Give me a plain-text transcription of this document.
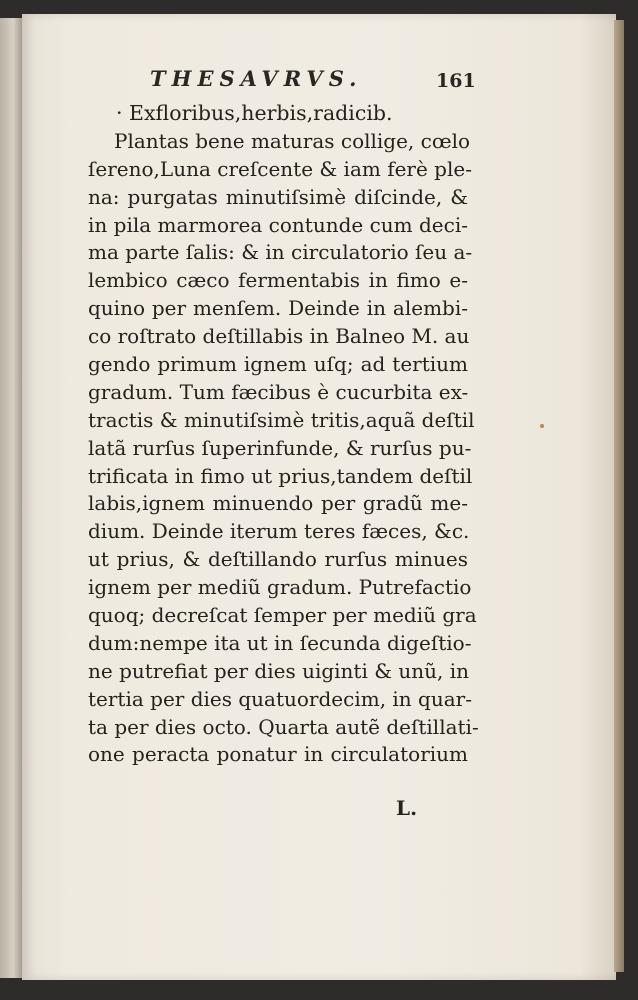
THESAVRVS.	161
· Exfloribus,herbis,radicib.
Plantas bene maturas collige, cœlo
ſereno,Luna creſcente & iam ferè ple-
na: purgatas minutiſsimè diſcinde, &
in pila marmorea contunde cum deci-
ma parte ſalis: & in circulatorio ſeu a-
lembico cæco fermentabis in fimo e-
quino per menſem. Deinde in alembi-
co roſtrato deſtillabis in Balneo M. au
gendo primum ignem uſq; ad tertium
gradum. Tum fæcibus è cucurbita ex-
tractis & minutiſsimè tritis,aquã deſtil
latã rurſus ſuperinfunde, & rurſus pu-
trificata in fimo ut prius,tandem deſtil
labis,ignem minuendo per gradũ me-
dium. Deinde iterum teres fæces, &c.
ut prius, & deſtillando rurſus minues
ignem per mediũ gradum. Putrefactio
quoq; decreſcat ſemper per mediũ gra
dum:nempe ita ut in ſecunda digeſtio-
ne putrefiat per dies uiginti & unũ, in
tertia per dies quatuordecim, in quar-
ta per dies octo. Quarta autẽ deſtillati-
one peracta ponatur in circulatorium
L.
